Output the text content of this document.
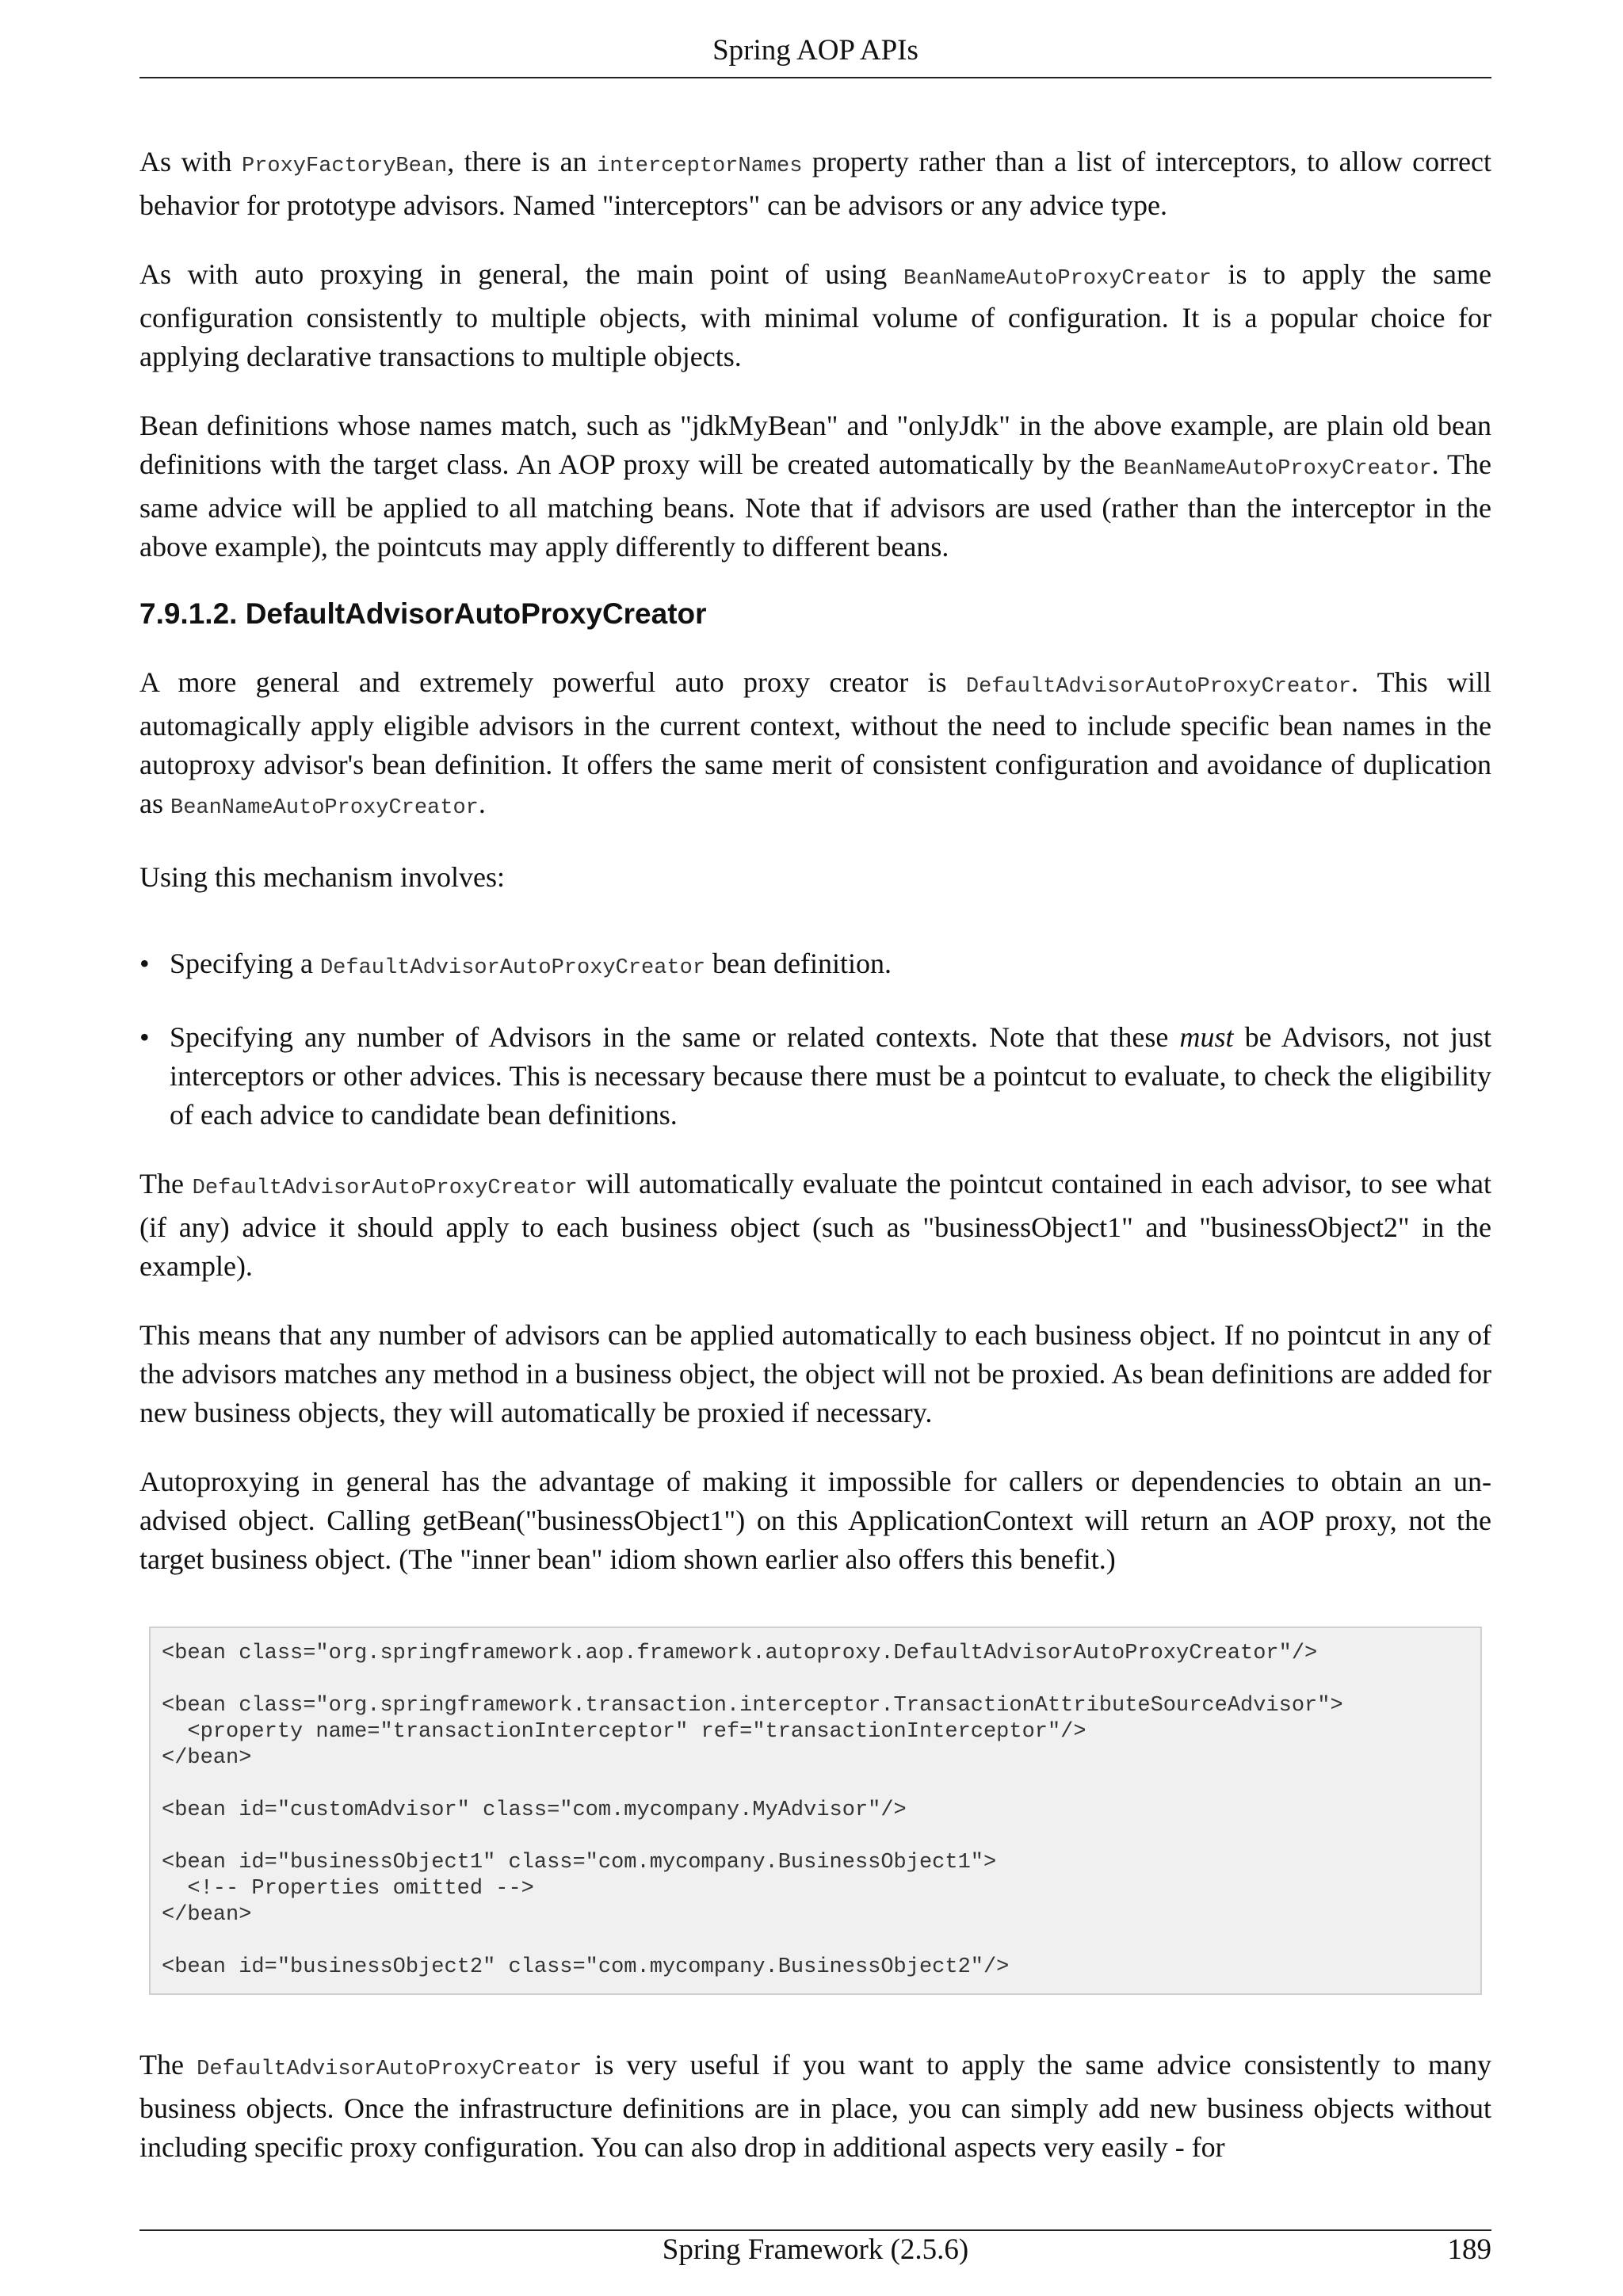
Spring AOP APIs

As with ProxyFactoryBean, there is an interceptorNames property rather than a list of interceptors, to allow correct behavior for prototype advisors. Named "interceptors" can be advisors or any advice type.

As with auto proxying in general, the main point of using BeanNameAutoProxyCreator is to apply the same configuration consistently to multiple objects, with minimal volume of configuration. It is a popular choice for applying declarative transactions to multiple objects.

Bean definitions whose names match, such as "jdkMyBean" and "onlyJdk" in the above example, are plain old bean definitions with the target class. An AOP proxy will be created automatically by the BeanNameAutoProxyCreator. The same advice will be applied to all matching beans. Note that if advisors are used (rather than the interceptor in the above example), the pointcuts may apply differently to different beans.

7.9.1.2. DefaultAdvisorAutoProxyCreator

A more general and extremely powerful auto proxy creator is DefaultAdvisorAutoProxyCreator. This will automagically apply eligible advisors in the current context, without the need to include specific bean names in the autoproxy advisor's bean definition. It offers the same merit of consistent configuration and avoidance of duplication as BeanNameAutoProxyCreator.

Using this mechanism involves:

• Specifying a DefaultAdvisorAutoProxyCreator bean definition.
• Specifying any number of Advisors in the same or related contexts. Note that these must be Advisors, not just interceptors or other advices. This is necessary because there must be a pointcut to evaluate, to check the eligibility of each advice to candidate bean definitions.

The DefaultAdvisorAutoProxyCreator will automatically evaluate the pointcut contained in each advisor, to see what (if any) advice it should apply to each business object (such as "businessObject1" and "businessObject2" in the example).

This means that any number of advisors can be applied automatically to each business object. If no pointcut in any of the advisors matches any method in a business object, the object will not be proxied. As bean definitions are added for new business objects, they will automatically be proxied if necessary.

Autoproxying in general has the advantage of making it impossible for callers or dependencies to obtain an un-advised object. Calling getBean("businessObject1") on this ApplicationContext will return an AOP proxy, not the target business object. (The "inner bean" idiom shown earlier also offers this benefit.)

<bean class="org.springframework.aop.framework.autoproxy.DefaultAdvisorAutoProxyCreator"/>

<bean class="org.springframework.transaction.interceptor.TransactionAttributeSourceAdvisor">
<property name="transactionInterceptor" ref="transactionInterceptor"/>
</bean>

<bean id="customAdvisor" class="com.mycompany.MyAdvisor"/>

<bean id="businessObject1" class="com.mycompany.BusinessObject1">
<!-- Properties omitted -->
</bean>

<bean id="businessObject2" class="com.mycompany.BusinessObject2"/>

The DefaultAdvisorAutoProxyCreator is very useful if you want to apply the same advice consistently to many business objects. Once the infrastructure definitions are in place, you can simply add new business objects without including specific proxy configuration. You can also drop in additional aspects very easily - for

Spring Framework (2.5.6)	189
